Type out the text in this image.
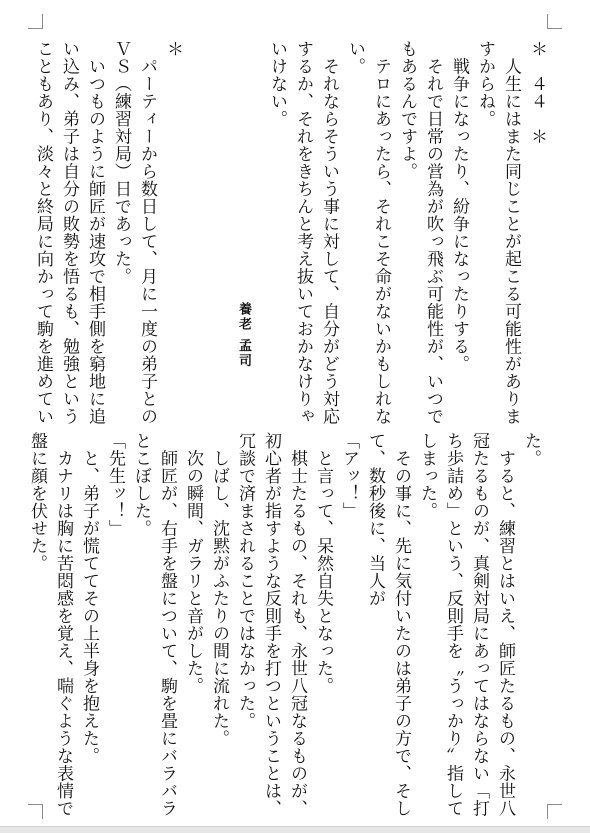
＊　４４　＊
　人生にはまた同じことが起こる可能性がありま
すからね。
　戦争になったり、紛争になったりする。
　それで日常の営為が吹っ飛ぶ可能性が、いつで
もあるんですよ。
　テロにあったら、それこそ命がないかもしれな
い。
　それならそういう事に対して、自分がどう対応
するか、それをきちんと考え抜いておかなけりゃ
いけない。

＊
　パーティーから数日して、月に一度の弟子との
ＶＳ（練習対局）日であった。
　いつものように師匠が速攻で相手側を窮地に追
い込み、弟子は自分の敗勢を悟るも、勉強という
こともあり、淡々と終局に向かって駒を進めてい	養老 孟司
た。
　すると、練習とはいえ、師匠たるもの、永世八
冠たるものが、真剣対局にあってはならない「打
ち歩詰め」という、反則手を〝うっかり〟指して
しまった。
　その事に、先に気付いたのは弟子の方で、そし
て、数秒後に、当人が
「アッ！」
　と言って、呆然自失となった。
　棋士たるもの、それも、永世八冠なるものが、
初心者が指すような反則手を打つということは、
冗談で済まされることではなかった。
　しばし、沈黙がふたりの間に流れた。
　次の瞬間、ガラリと音がした。
　師匠が、右手を盤について、駒を畳にバラバラ
とこぼした。
「先生ッ！」
　と、弟子が慌ててその上半身を抱えた。
　カナリは胸に苦悶感を覚え、喘ぐような表情で
盤に顔を伏せた。
